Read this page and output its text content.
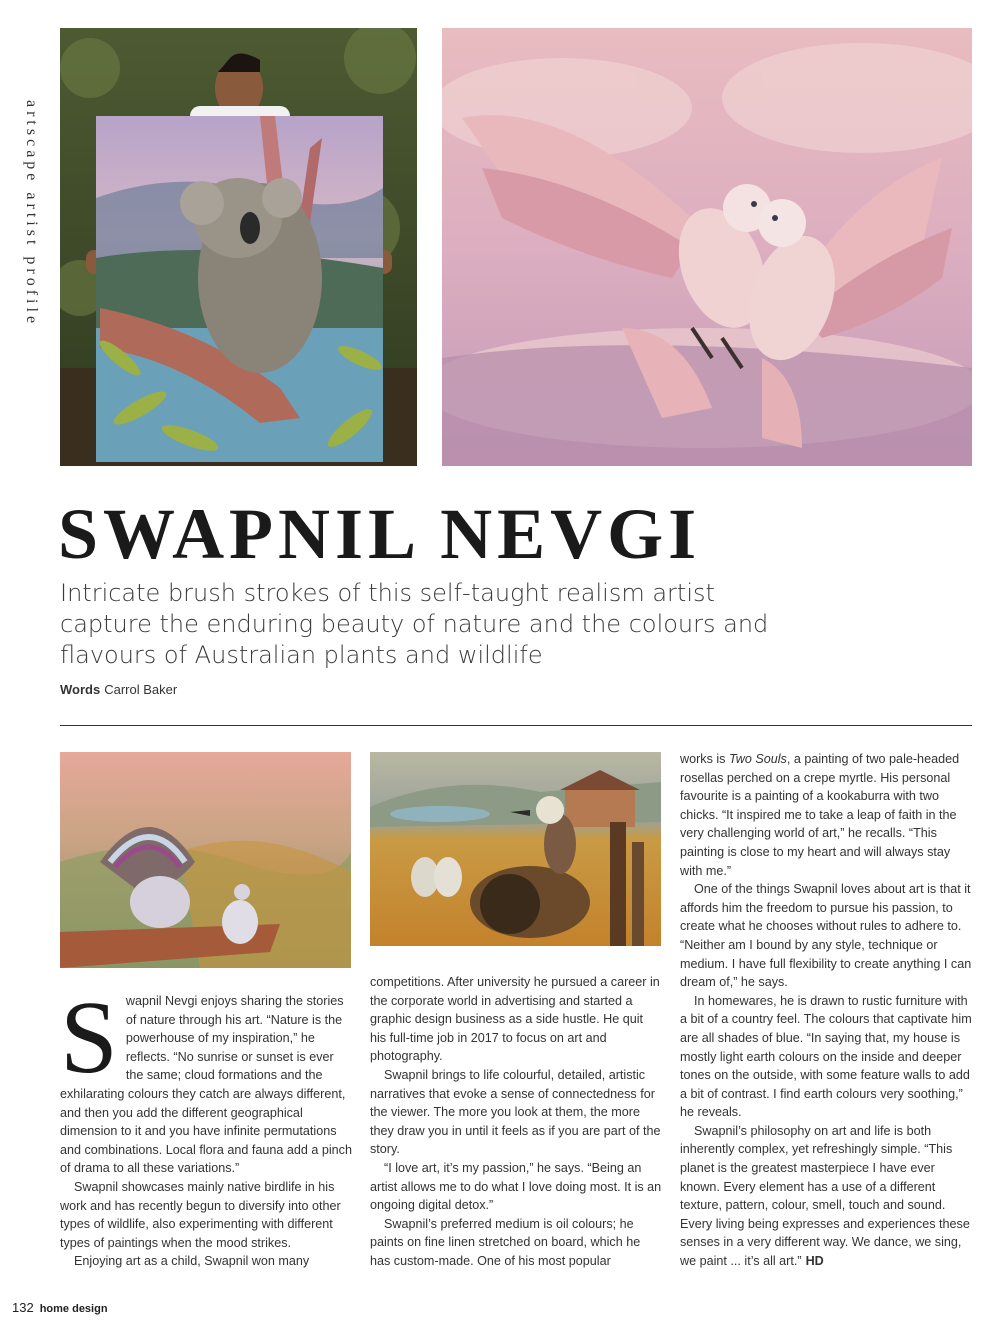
artscape artist profile
SWAPNIL NEVGI

Intricate brush strokes of this self-taught realism artist capture the enduring beauty of nature and the colours and flavours of Australian plants and wildlife

Words Carrol Baker
S wapnil Nevgi enjoys sharing the stories of nature through his art. “Nature is the powerhouse of my inspiration,” he reflects. “No sunrise or sunset is ever the same; cloud formations and the exhilarating colours they catch are always different, and then you add the different geographical dimension to it and you have infinite permutations and combinations. Local flora and fauna add a pinch of drama to all these variations.”

Swapnil showcases mainly native birdlife in his work and has recently begun to diversify into other types of wildlife, also experimenting with different types of paintings when the mood strikes.

Enjoying art as a child, Swapnil won many

competitions. After university he pursued a career in the corporate world in advertising and started a graphic design business as a side hustle. He quit his full-time job in 2017 to focus on art and photography.

Swapnil brings to life colourful, detailed, artistic narratives that evoke a sense of connectedness for the viewer. The more you look at them, the more they draw you in until it feels as if you are part of the story.

“I love art, it’s my passion,” he says. “Being an artist allows me to do what I love doing most. It is an ongoing digital detox.”

Swapnil’s preferred medium is oil colours; he paints on fine linen stretched on board, which he has custom-made. One of his most popular

works is Two Souls, a painting of two pale-headed rosellas perched on a crepe myrtle. His personal favourite is a painting of a kookaburra with two chicks. “It inspired me to take a leap of faith in the very challenging world of art,” he recalls. “This painting is close to my heart and will always stay with me.”

One of the things Swapnil loves about art is that it affords him the freedom to pursue his passion, to create what he chooses without rules to adhere to. “Neither am I bound by any style, technique or medium. I have full flexibility to create anything I can dream of,” he says.

In homewares, he is drawn to rustic furniture with a bit of a country feel. The colours that captivate him are all shades of blue. “In saying that, my house is mostly light earth colours on the inside and deeper tones on the outside, with some feature walls to add a bit of contrast. I find earth colours very soothing,” he reveals.

Swapnil’s philosophy on art and life is both inherently complex, yet refreshingly simple. “This planet is the greatest masterpiece I have ever known. Every element has a use of a different texture, pattern, colour, smell, touch and sound. Every living being expresses and experiences these senses in a very different way. We dance, we sing, we paint ... it’s all art.” HD

132 home design
